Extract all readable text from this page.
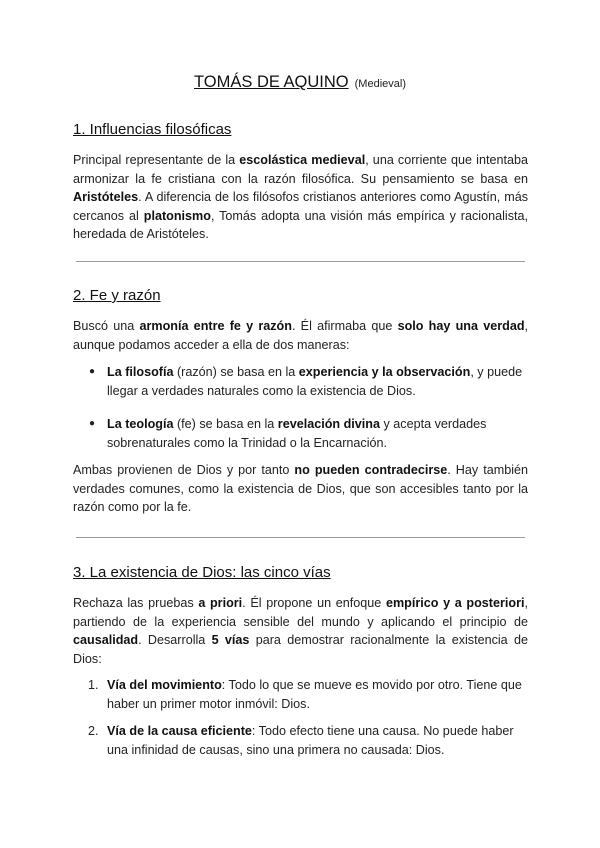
TOMÁS DE AQUINO (Medieval)
1. Influencias filosóficas

Principal representante de la escolástica medieval, una corriente que intentaba armonizar la fe cristiana con la razón filosófica. Su pensamiento se basa en Aristóteles. A diferencia de los filósofos cristianos anteriores como Agustín, más cercanos al platonismo, Tomás adopta una visión más empírica y racionalista, heredada de Aristóteles.

2. Fe y razón

Buscó una armonía entre fe y razón. Él afirmaba que solo hay una verdad, aunque podamos acceder a ella de dos maneras:

● La filosofía (razón) se basa en la experiencia y la observación, y puede llegar a verdades naturales como la existencia de Dios.

● La teología (fe) se basa en la revelación divina y acepta verdades sobrenaturales como la Trinidad o la Encarnación.

Ambas provienen de Dios y por tanto no pueden contradecirse. Hay también verdades comunes, como la existencia de Dios, que son accesibles tanto por la razón como por la fe.

3. La existencia de Dios: las cinco vías

Rechaza las pruebas a priori. Él propone un enfoque empírico y a posteriori, partiendo de la experiencia sensible del mundo y aplicando el principio de causalidad. Desarrolla 5 vías para demostrar racionalmente la existencia de Dios:

1. Vía del movimiento: Todo lo que se mueve es movido por otro. Tiene que haber un primer motor inmóvil: Dios.

2. Vía de la causa eficiente: Todo efecto tiene una causa. No puede haber una infinidad de causas, sino una primera no causada: Dios.
